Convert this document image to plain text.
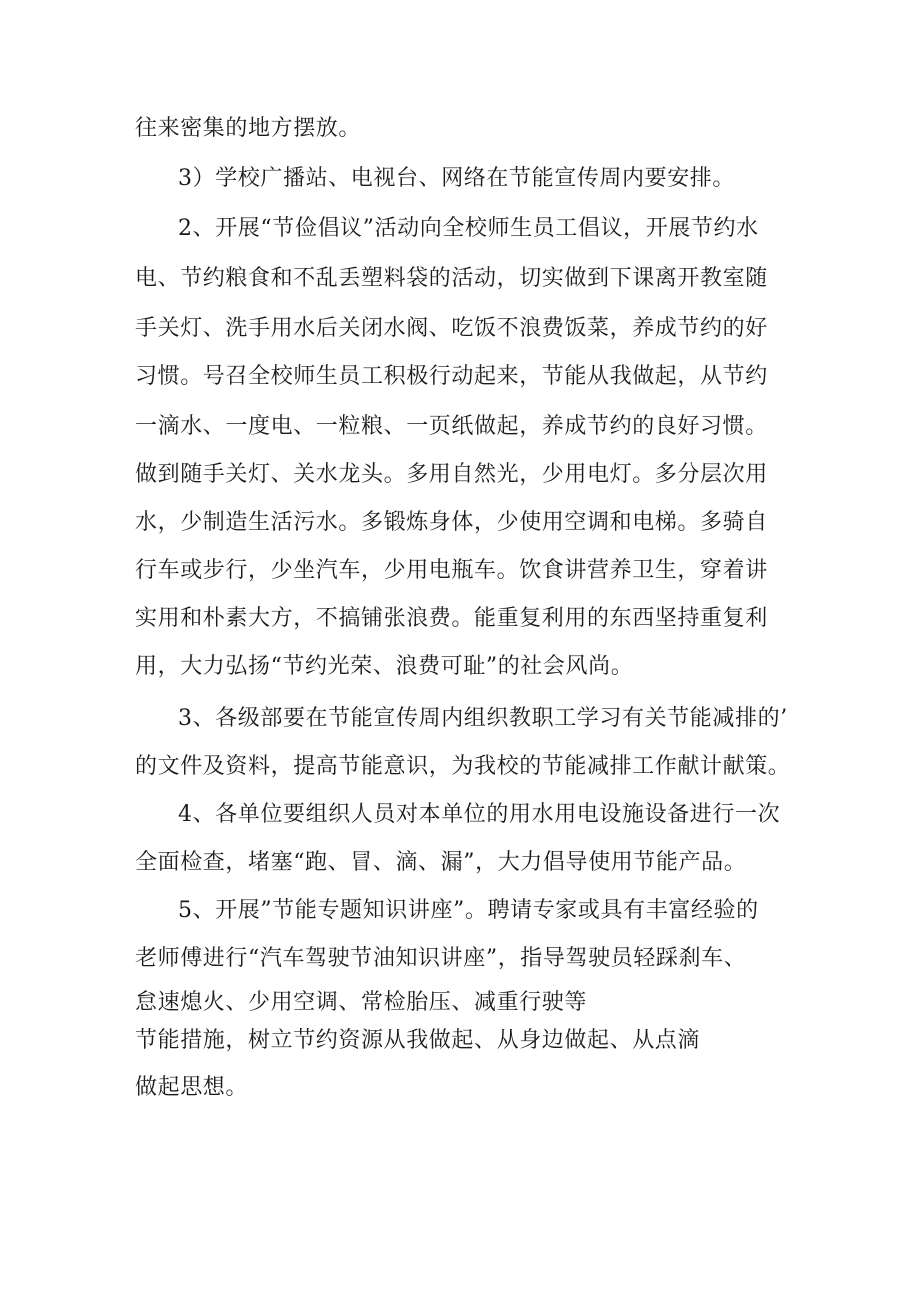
往来密集的地方摆放。
3）学校广播站、电视台、网络在节能宣传周内要安排。
2、开展“节俭倡议”活动向全校师生员工倡议，开展节约水
电、节约粮食和不乱丢塑料袋的活动，切实做到下课离开教室随
手关灯、洗手用水后关闭水阀、吃饭不浪费饭菜，养成节约的好
习惯。号召全校师生员工积极行动起来，节能从我做起，从节约
一滴水、一度电、一粒粮、一页纸做起，养成节约的良好习惯。
做到随手关灯、关水龙头。多用自然光，少用电灯。多分层次用
水，少制造生活污水。多锻炼身体，少使用空调和电梯。多骑自
行车或步行，少坐汽车，少用电瓶车。饮食讲营养卫生，穿着讲
实用和朴素大方，不搞铺张浪费。能重复利用的东西坚持重复利
用，大力弘扬“节约光荣、浪费可耻”的社会风尚。
3、各级部要在节能宣传周内组织教职工学习有关节能减排的’
的文件及资料，提高节能意识，为我校的节能减排工作献计献策。
4、各单位要组织人员对本单位的用水用电设施设备进行一次
全面检查，堵塞“跑、冒、滴、漏”，大力倡导使用节能产品。
5、开展”节能专题知识讲座”。聘请专家或具有丰富经验的
老师傅进行“汽车驾驶节油知识讲座”，指导驾驶员轻踩刹车、
怠速熄火、少用空调、常检胎压、减重行驶等
节能措施，树立节约资源从我做起、从身边做起、从点滴
做起思想。
